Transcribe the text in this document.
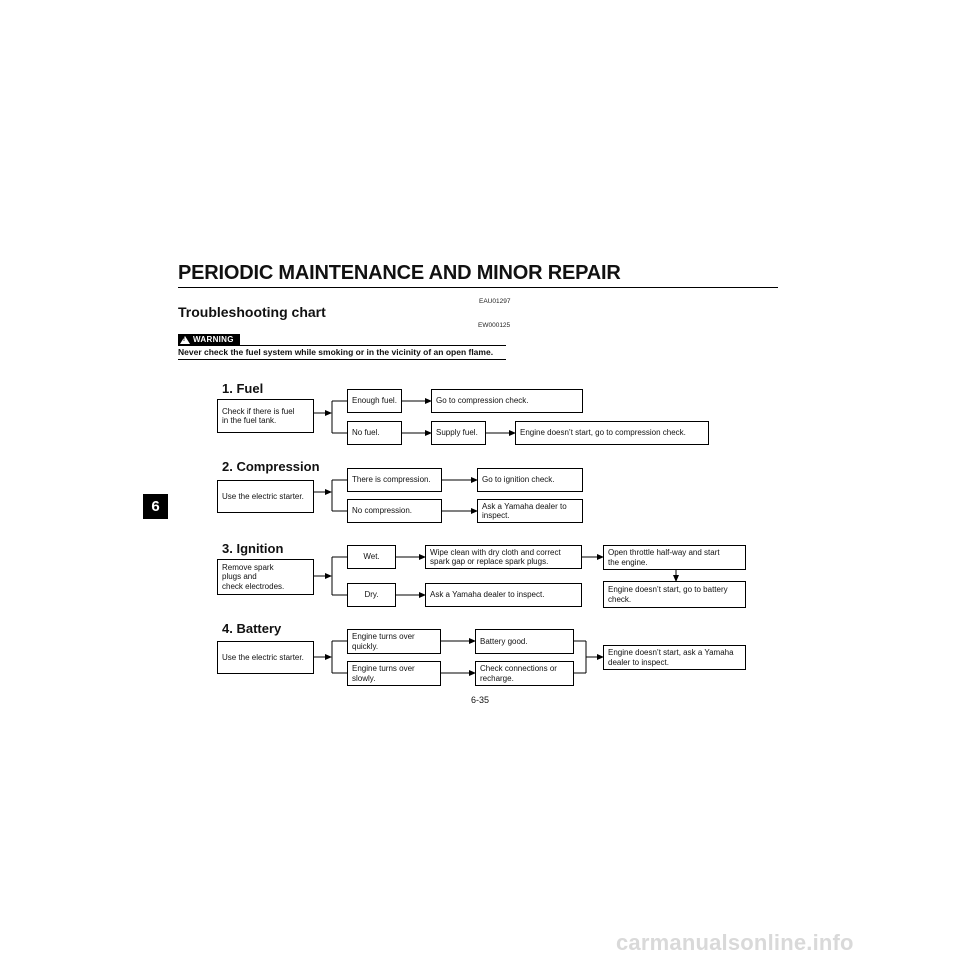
PERIODIC MAINTENANCE AND MINOR REPAIR
EAU01297
Troubleshooting chart
EW000125
! WARNING
Never check the fuel system while smoking or in the vicinity of an open flame.
6
1. Fuel
Check if there is fuel
in the fuel tank.
Enough fuel.	Go to compression check.
No fuel.	Supply fuel.	Engine doesn’t start, go to compression check.
2. Compression
Use the electric starter.
There is compression.	Go to ignition check.
No compression.
Ask a Yamaha dealer to
inspect.
3. Ignition
Remove spark
plugs and
check electrodes.
Wet.
Wipe clean with dry cloth and correct
spark gap or replace spark plugs.
Open throttle half-way and start
the engine.
Dry.	Ask a Yamaha dealer to inspect.
Engine doesn’t start, go to battery
check.
4. Battery
Use the electric starter.
Engine turns over
quickly.
Battery good.
Engine turns over
slowly.
Check connections or
recharge.
Engine doesn’t start, ask a Yamaha
dealer to inspect.
6-35
carmanualsonline.info
